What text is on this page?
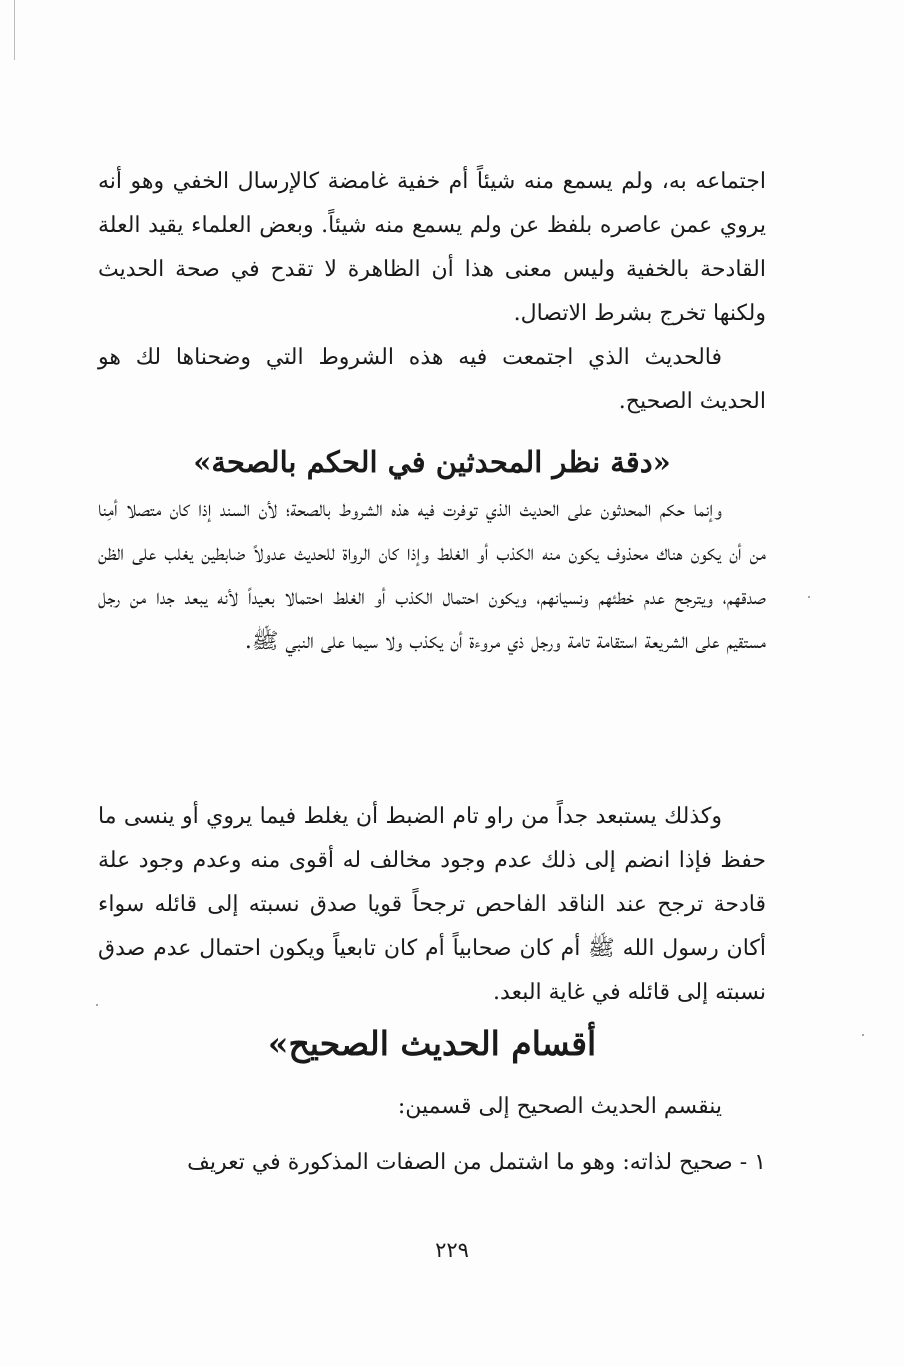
اجتماعه به، ولم يسمع منه شيئاً أم خفية غامضة كالإرسال الخفي وهو أنه يروي عمن عاصره بلفظ عن ولم يسمع منه شيئاً. وبعض العلماء يقيد العلة القادحة بالخفية وليس معنى هذا أن الظاهرة لا تقدح في صحة الحديث ولكنها تخرج بشرط الاتصال.

فالحديث الذي اجتمعت فيه هذه الشروط التي وضحناها لك هو الحديث الصحيح.

«دقة نظر المحدثين في الحكم بالصحة»

وإنما حكم المحدثون على الحديث الذي توفرت فيه هذه الشروط بالصحة؛ لأن السند إذا كان متصلا أمِنا من أن يكون هناك محذوف يكون منه الكذب أو الغلط وإذا كان الرواة للحديث عدولاً ضابطين يغلب على الظن صدقهم، ويترجح عدم خطئهم ونسيانهم، ويكون احتمال الكذب أو الغلط احتمالا بعيداً لأنه يبعد جدا من رجل مستقيم على الشريعة استقامة تامة ورجل ذي مروءة أن يكذب ولا سيما على النبي ﷺ.

وكذلك يستبعد جداً من راو تام الضبط أن يغلط فيما يروي أو ينسى ما حفظ فإذا انضم إلى ذلك عدم وجود مخالف له أقوى منه وعدم وجود علة قادحة ترجح عند الناقد الفاحص ترجحاً قويا صدق نسبته إلى قائله سواء أكان رسول الله ﷺ أم كان صحابياً أم كان تابعياً ويكون احتمال عدم صدق نسبته إلى قائله في غاية البعد.

أقسام الحديث الصحيح»

ينقسم الحديث الصحيح إلى قسمين:

١ - صحيح لذاته: وهو ما اشتمل من الصفات المذكورة في تعريف

٢٢٩
